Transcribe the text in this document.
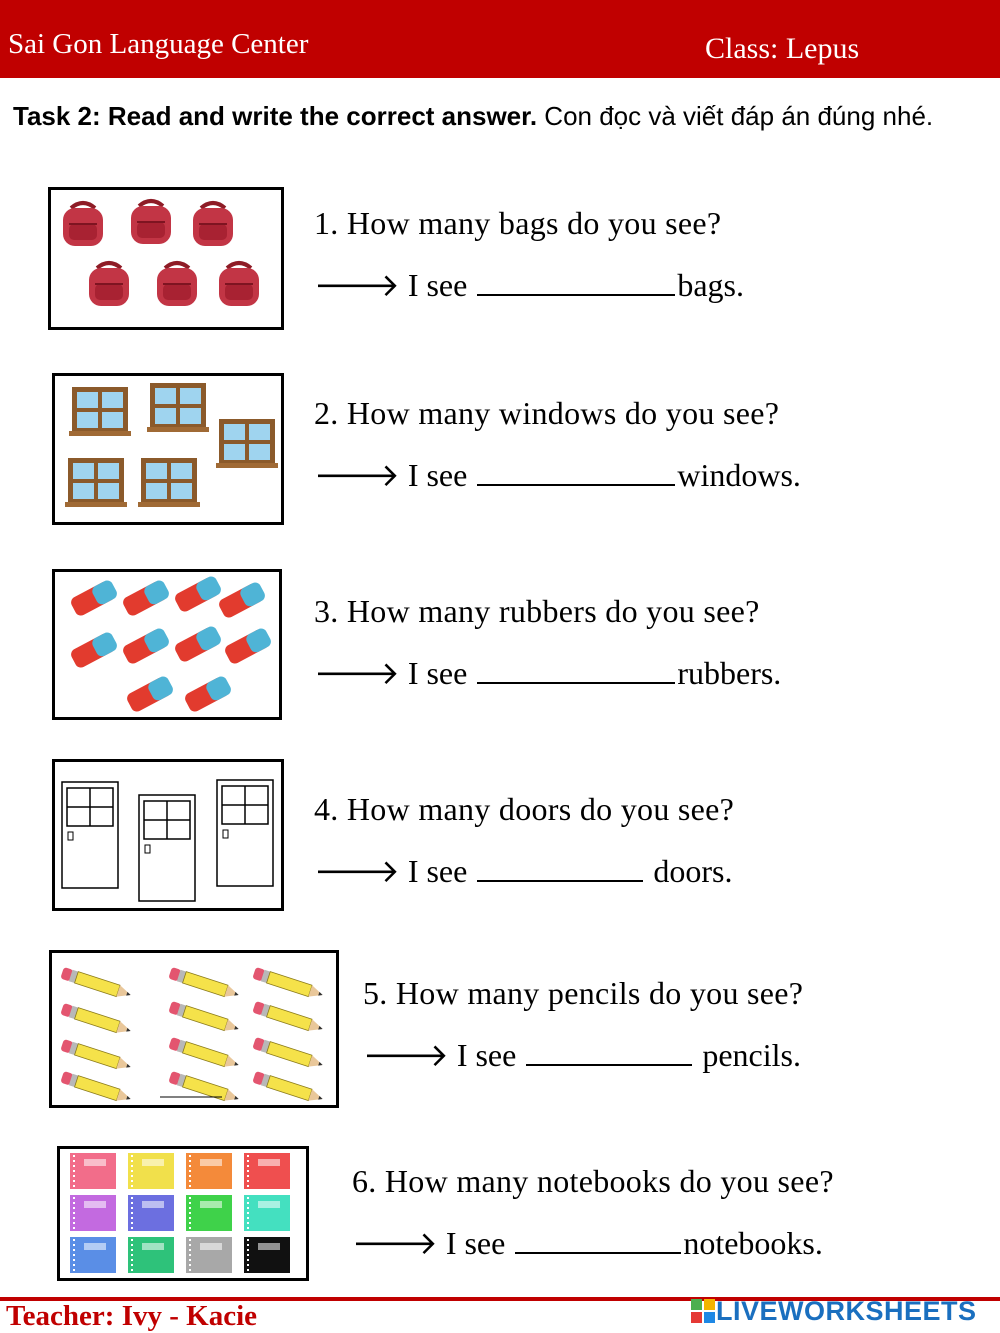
Sai Gon Language Center	Class: Lepus
Task 2: Read and write the correct answer. Con đọc và viết đáp án đúng nhé.
1. How many bags do you see?
🡒 I see	bags.
2. How many windows do you see?
🡒 I see	windows.
3. How many rubbers do you see?
🡒 I see	rubbers.
4. How many doors do you see?
🡒 I see	doors.
5. How many pencils do you see?
🡒 I see	pencils.
6. How many notebooks do you see?
🡒 I see	notebooks.
Teacher: Ivy - Kacie	LIVEWORKSHEETS
